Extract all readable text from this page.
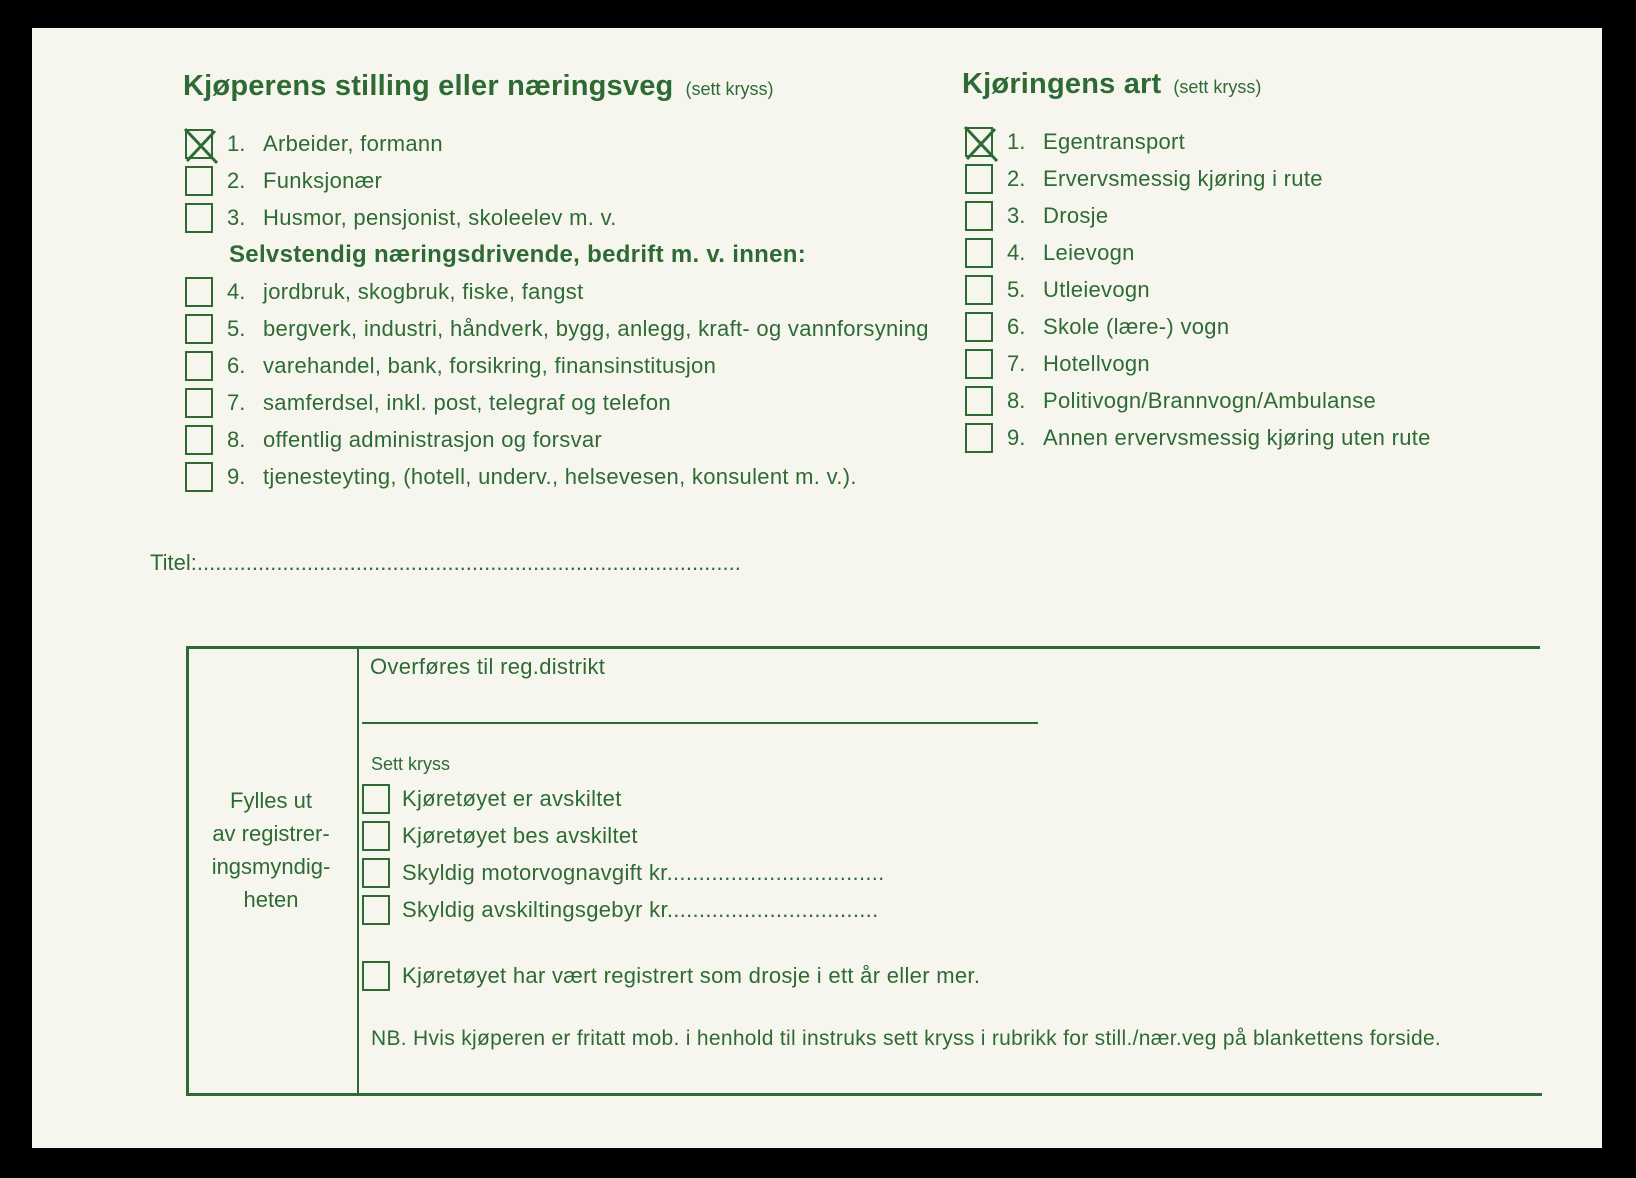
Kjøperens stilling eller næringsveg (sett kryss)
1. Arbeider, formann
2. Funksjonær
3. Husmor, pensjonist, skoleelev m. v.
Selvstendig næringsdrivende, bedrift m. v. innen:
4. jordbruk, skogbruk, fiske, fangst
5. bergverk, industri, håndverk, bygg, anlegg, kraft- og vannforsyning
6. varehandel, bank, forsikring, finansinstitusjon
7. samferdsel, inkl. post, telegraf og telefon
8. offentlig administrasjon og forsvar
9. tjenesteyting, (hotell, underv., helsevesen, konsulent m. v.).
Kjøringens art (sett kryss)
1. Egentransport
2. Ervervsmessig kjøring i rute
3. Drosje
4. Leievogn
5. Utleievogn
6. Skole (lære-) vogn
7. Hotellvogn
8. Politivogn/Brannvogn/Ambulanse
9. Annen ervervsmessig kjøring uten rute
Titel:.........................................................................................
Fylles ut
av registrer-
ingsmyndig-
heten
Overføres til reg.distrikt
Sett kryss
Kjøretøyet er avskiltet
Kjøretøyet bes avskiltet
Skyldig motorvognavgift kr..................................
Skyldig avskiltingsgebyr kr.................................
Kjøretøyet har vært registrert som drosje i ett år eller mer.
NB. Hvis kjøperen er fritatt mob. i henhold til instruks sett kryss i rubrikk for still./nær.veg på blankettens forside.
